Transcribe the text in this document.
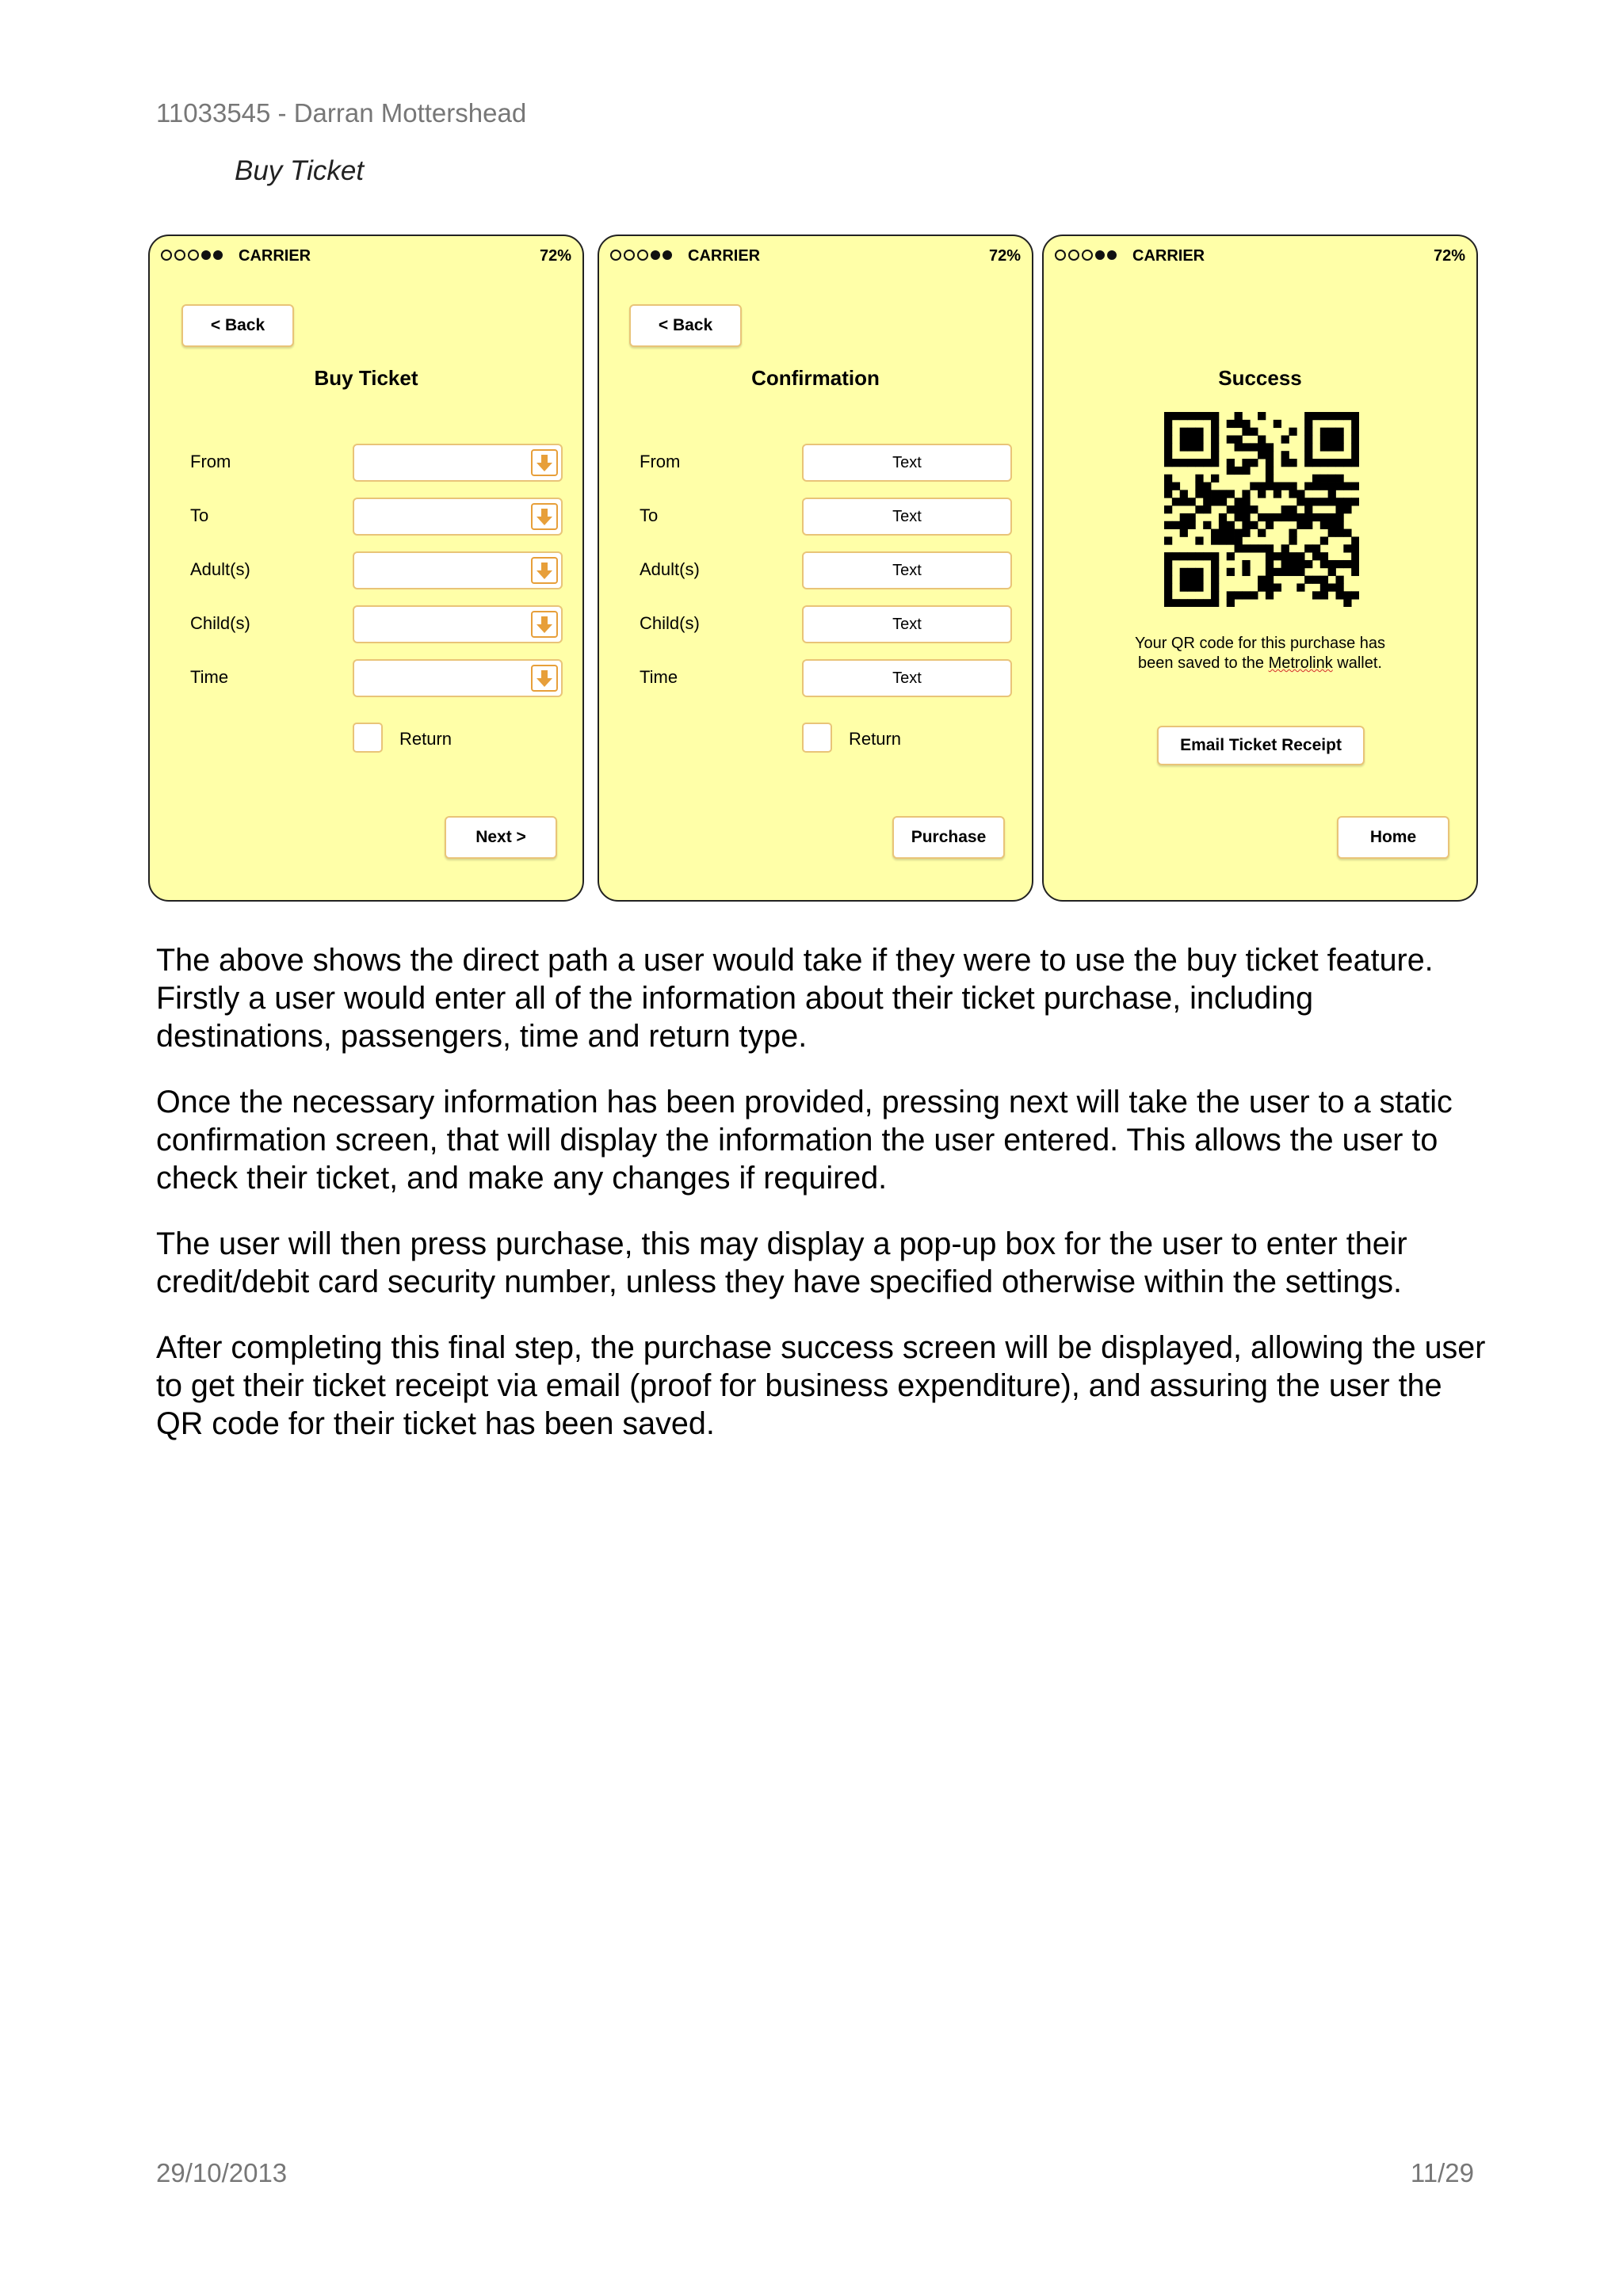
11033545 - Darran Mottershead
Buy Ticket
CARRIER	72%
< Back
Buy Ticket
From
To
Adult(s)
Child(s)
Time
Return
Next >
CARRIER	72%
< Back
Confirmation
From	Text
To	Text
Adult(s)	Text
Child(s)	Text
Time	Text
Return
Purchase
CARRIER	72%
Success
Your QR code for this purchase has
been saved to the Metrolink wallet.
Email Ticket Receipt
Home

The above shows the direct path a user would take if they were to use the buy ticket feature. Firstly a user would enter all of the information about their ticket purchase, including destinations, passengers, time and return type.

Once the necessary information has been provided, pressing next will take the user to a static confirmation screen, that will display the information the user entered. This allows the user to check their ticket, and make any changes if required.

The user will then press purchase, this may display a pop-up box for the user to enter their credit/debit card security number, unless they have specified otherwise within the settings.

After completing this final step, the purchase success screen will be displayed, allowing the user to get their ticket receipt via email (proof for business expenditure), and assuring the user the QR code for their ticket has been saved.

29/10/2013	11/29
